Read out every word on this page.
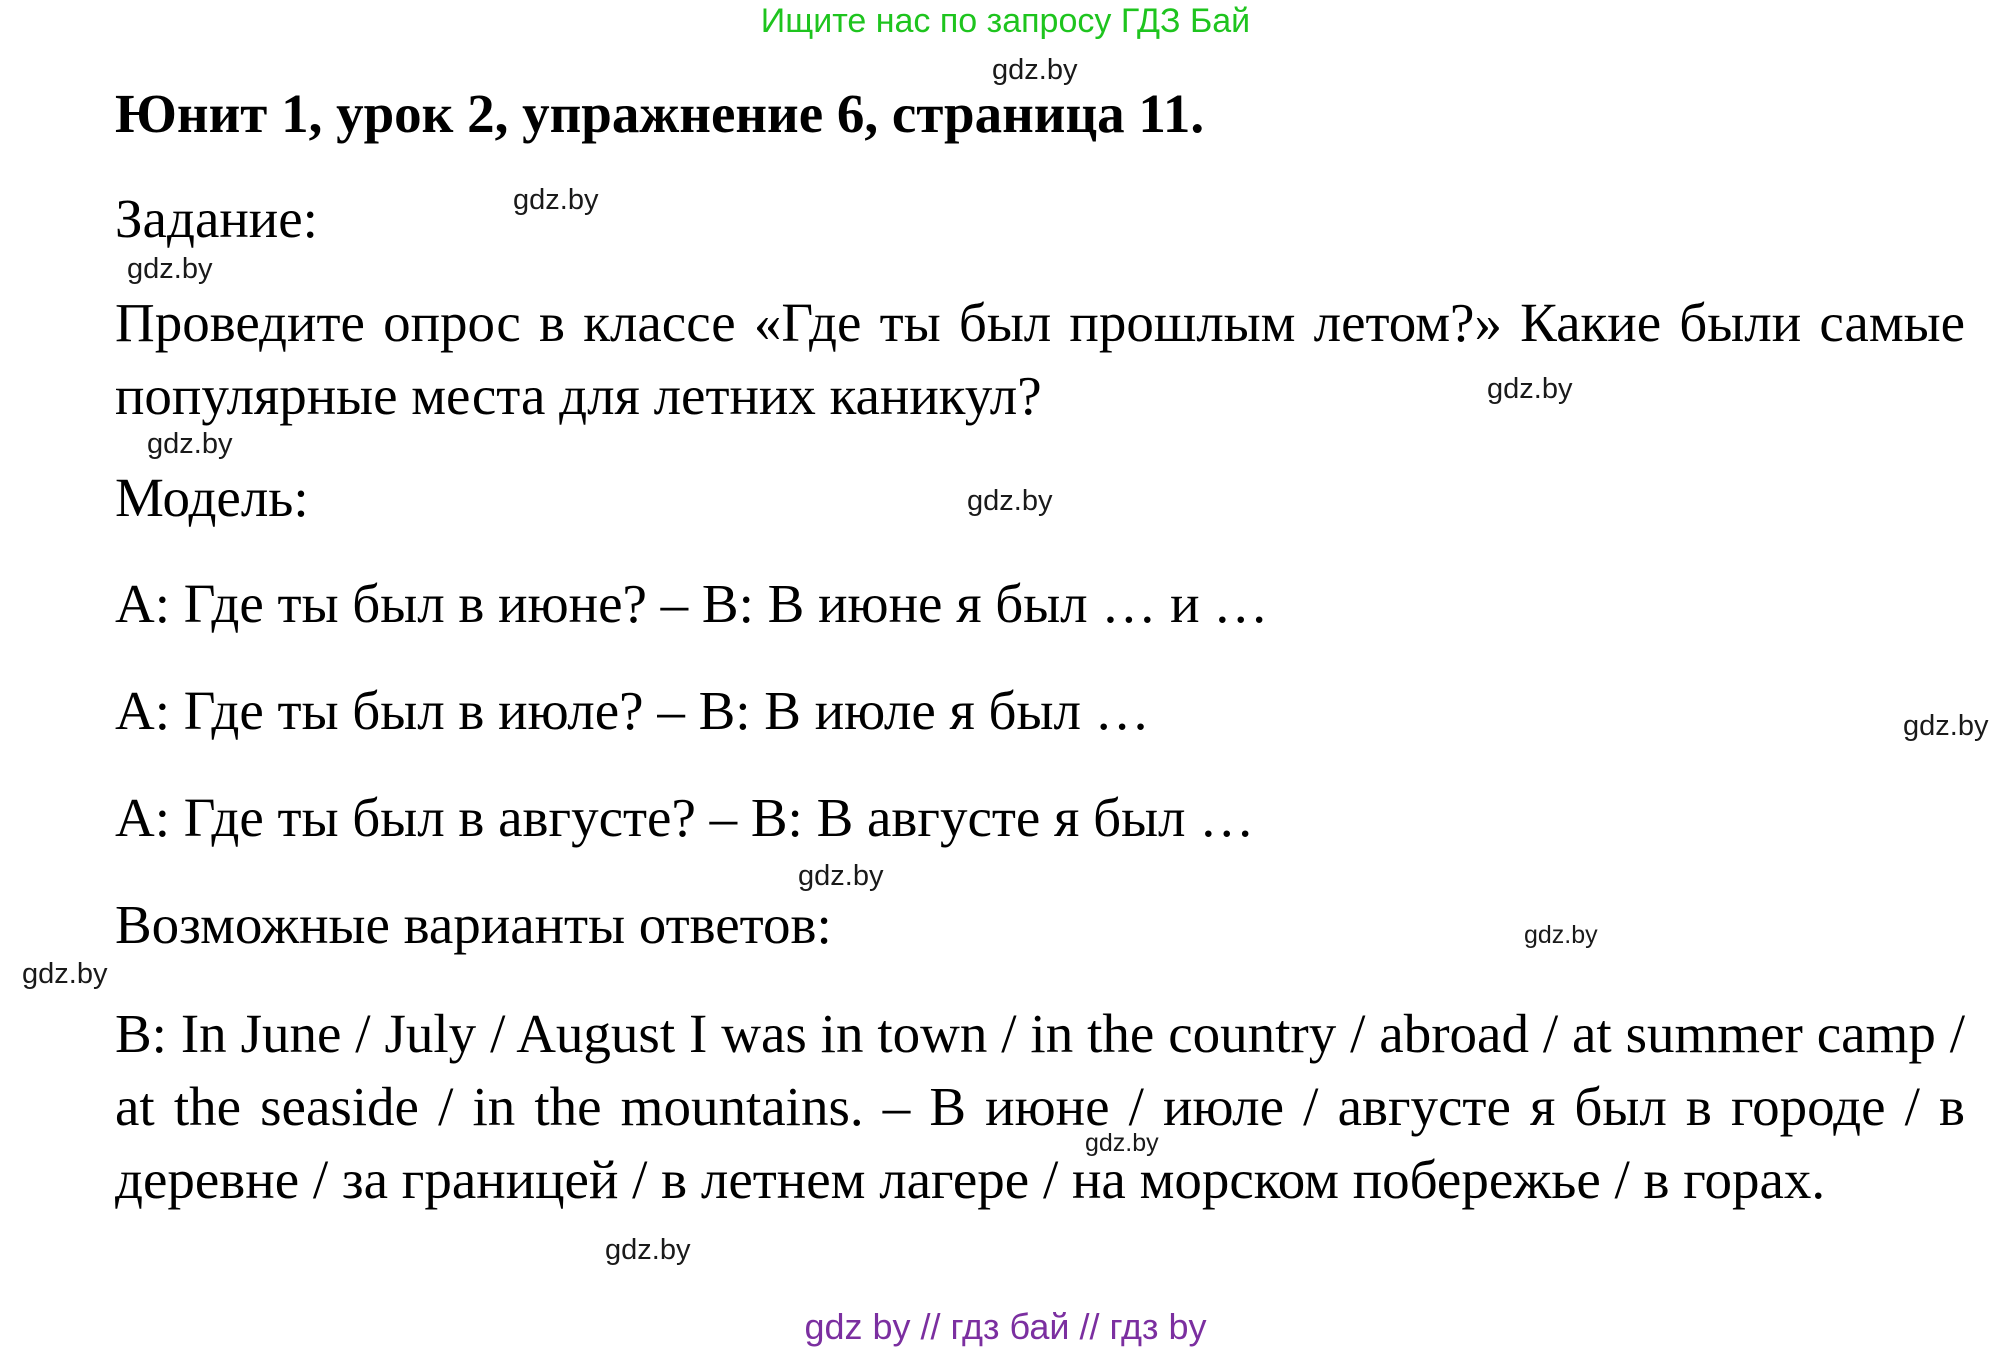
Ищите нас по запросу ГДЗ Бай
Юнит 1, урок 2, упражнение 6, страница 11.
Задание:
Проведите опрос в классе «Где ты был прошлым летом?» Какие были самые популярные места для летних каникул?
Модель:
A: Где ты был в июне? – B: В июне я был … и …
A: Где ты был в июле? – B: В июле я был …
A: Где ты был в августе? – B: В августе я был …
Возможные варианты ответов:
B: In June / July / August I was in town / in the country / abroad / at summer camp / at the seaside / in the mountains. – В июне / июле / августе я был в городе / в деревне / за границей / в летнем лагере / на морском побережье / в горах.
gdz.by
gdz.by
gdz.by
gdz.by
gdz.by
gdz.by
gdz.by
gdz.by
gdz.by
gdz.by
gdz.by
gdz.by
gdz by // гдз бай // гдз by
